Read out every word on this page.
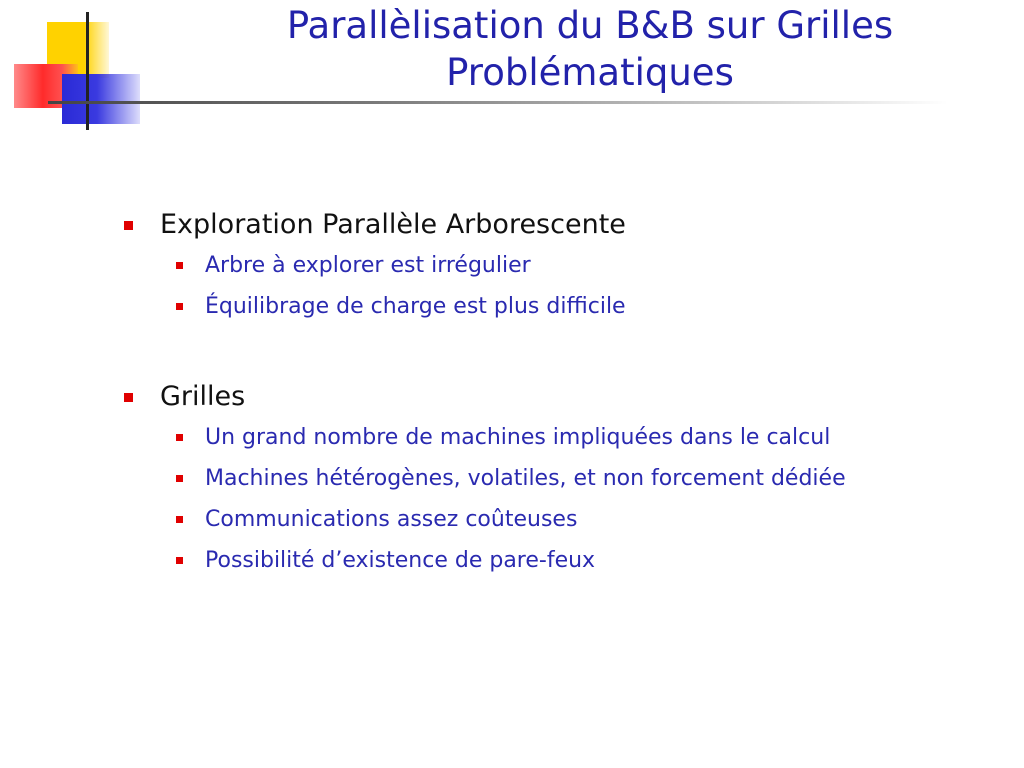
Parallèlisation du B&B sur Grilles
Problématiques
Exploration Parallèle Arborescente
Arbre à explorer est irrégulier
Équilibrage de charge est plus difficile
Grilles
Un grand nombre de machines impliquées dans le calcul
Machines hétérogènes, volatiles, et non forcement dédiée
Communications assez coûteuses
Possibilité d’existence de pare-feux
